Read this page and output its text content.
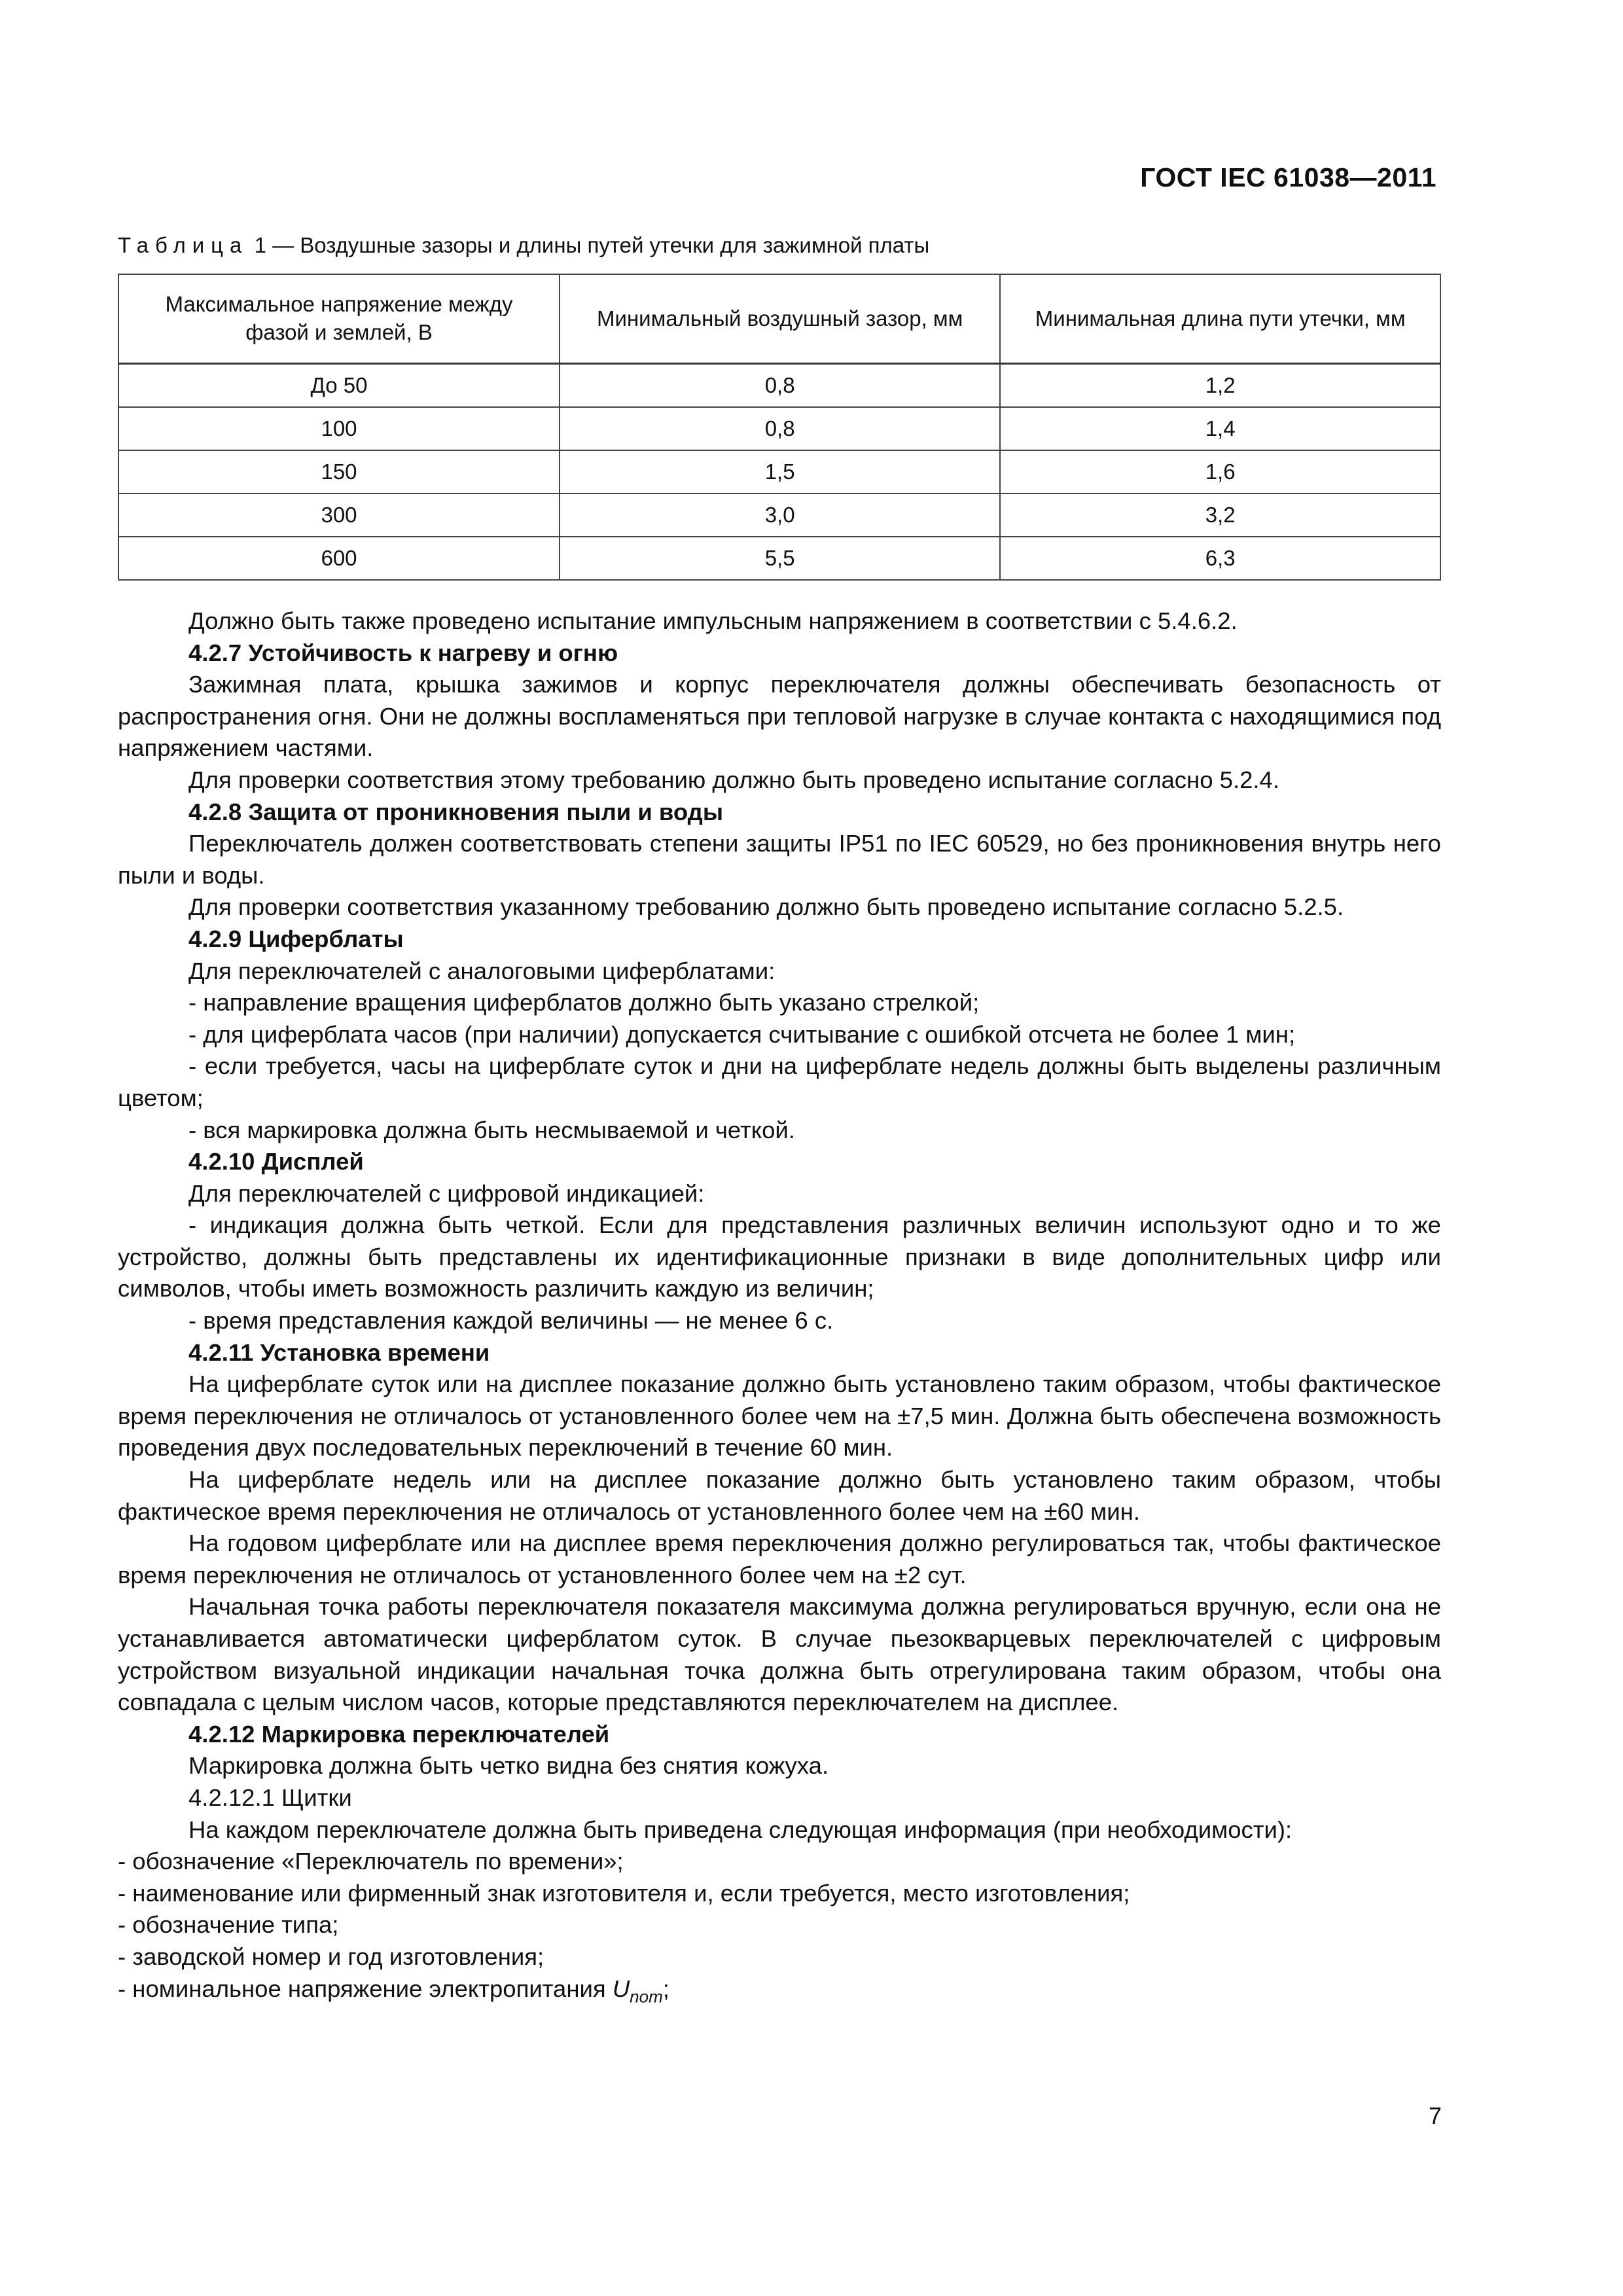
ГОСТ IEC 61038—2011
Таблица 1 — Воздушные зазоры и длины путей утечки для зажимной платы
Максимальное напряжение между фазой и землей, В	Минимальный воздушный зазор, мм	Минимальная длина пути утечки, мм
До 50	0,8	1,2
100	0,8	1,4
150	1,5	1,6
300	3,0	3,2
600	5,5	6,3

Должно быть также проведено испытание импульсным напряжением в соответствии с 5.4.6.2.

4.2.7 Устойчивость к нагреву и огню

Зажимная плата, крышка зажимов и корпус переключателя должны обеспечивать безопасность от распространения огня. Они не должны воспламеняться при тепловой нагрузке в случае контакта с находящимися под напряжением частями.

Для проверки соответствия этому требованию должно быть проведено испытание согласно 5.2.4.

4.2.8 Защита от проникновения пыли и воды

Переключатель должен соответствовать степени защиты IP51 по IEC 60529, но без проникновения внутрь него пыли и воды.

Для проверки соответствия указанному требованию должно быть проведено испытание согласно 5.2.5.

4.2.9 Циферблаты

Для переключателей с аналоговыми циферблатами:

- направление вращения циферблатов должно быть указано стрелкой;

- для циферблата часов (при наличии) допускается считывание с ошибкой отсчета не более 1 мин;

- если требуется, часы на циферблате суток и дни на циферблате недель должны быть выделены различным цветом;

- вся маркировка должна быть несмываемой и четкой.

4.2.10 Дисплей

Для переключателей с цифровой индикацией:

- индикация должна быть четкой. Если для представления различных величин используют одно и то же устройство, должны быть представлены их идентификационные признаки в виде дополнительных цифр или символов, чтобы иметь возможность различить каждую из величин;

- время представления каждой величины — не менее 6 с.

4.2.11 Установка времени

На циферблате суток или на дисплее показание должно быть установлено таким образом, чтобы фактическое время переключения не отличалось от установленного более чем на ±7,5 мин. Должна быть обеспечена возможность проведения двух последовательных переключений в течение 60 мин.

На циферблате недель или на дисплее показание должно быть установлено таким образом, чтобы фактическое время переключения не отличалось от установленного более чем на ±60 мин.

На годовом циферблате или на дисплее время переключения должно регулироваться так, чтобы фактическое время переключения не отличалось от установленного более чем на ±2 сут.

Начальная точка работы переключателя показателя максимума должна регулироваться вручную, если она не устанавливается автоматически циферблатом суток. В случае пьезокварцевых переключателей с цифровым устройством визуальной индикации начальная точка должна быть отрегулирована таким образом, чтобы она совпадала с целым числом часов, которые представляются переключателем на дисплее.

4.2.12 Маркировка переключателей

Маркировка должна быть четко видна без снятия кожуха.

4.2.12.1 Щитки

На каждом переключателе должна быть приведена следующая информация (при необходимости):

- обозначение «Переключатель по времени»;

- наименование или фирменный знак изготовителя и, если требуется, место изготовления;

- обозначение типа;

- заводской номер и год изготовления;

- номинальное напряжение электропитания $U_{nom}$;

7
